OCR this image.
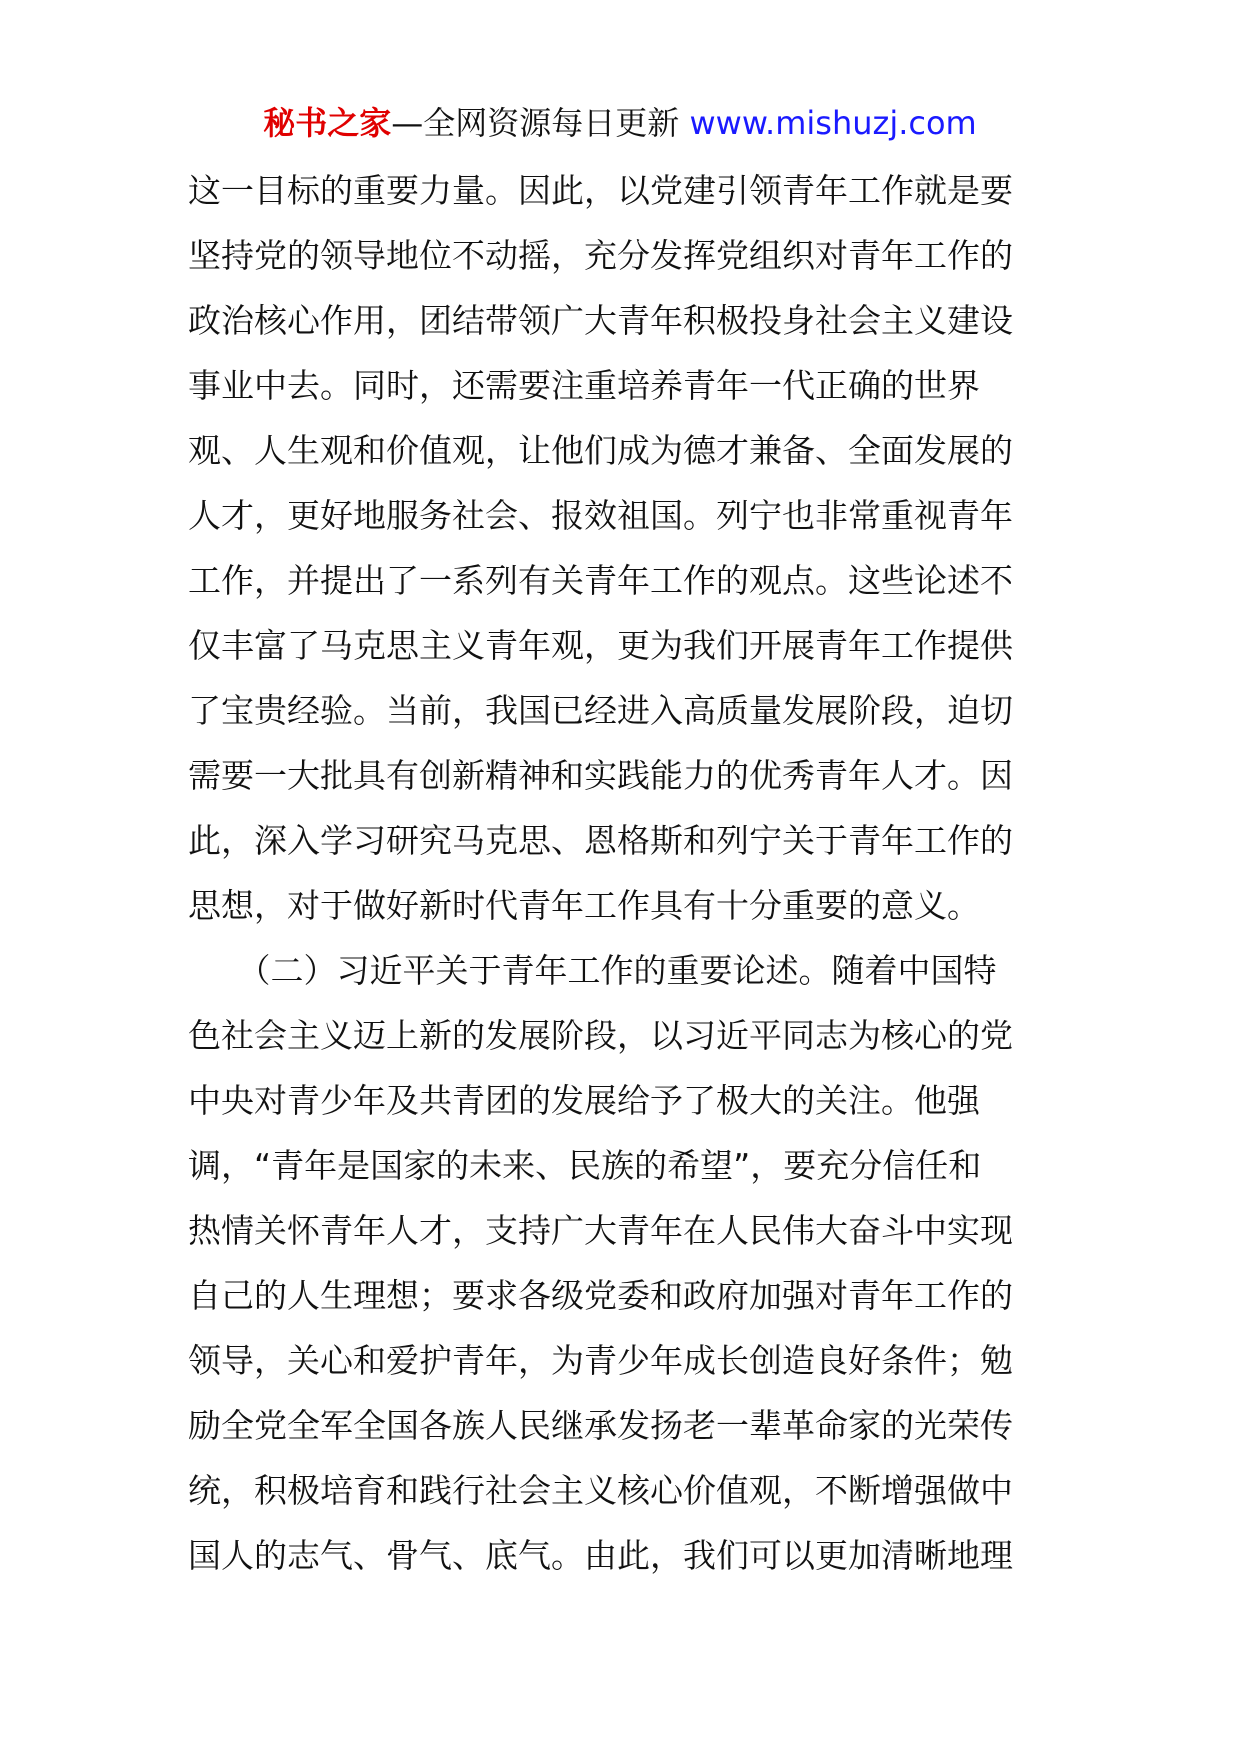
秘书之家—全网资源每日更新 www.mishuzj.com
这一目标的重要力量。因此，以党建引领青年工作就是要
坚持党的领导地位不动摇，充分发挥党组织对青年工作的
政治核心作用，团结带领广大青年积极投身社会主义建设
事业中去。同时，还需要注重培养青年一代正确的世界
观、人生观和价值观，让他们成为德才兼备、全面发展的
人才，更好地服务社会、报效祖国。列宁也非常重视青年
工作，并提出了一系列有关青年工作的观点。这些论述不
仅丰富了马克思主义青年观，更为我们开展青年工作提供
了宝贵经验。当前，我国已经进入高质量发展阶段，迫切
需要一大批具有创新精神和实践能力的优秀青年人才。因
此，深入学习研究马克思、恩格斯和列宁关于青年工作的
思想，对于做好新时代青年工作具有十分重要的意义。
　　（二）习近平关于青年工作的重要论述。随着中国特
色社会主义迈上新的发展阶段，以习近平同志为核心的党
中央对青少年及共青团的发展给予了极大的关注。他强
调，“青年是国家的未来、民族的希望”，要充分信任和
热情关怀青年人才，支持广大青年在人民伟大奋斗中实现
自己的人生理想；要求各级党委和政府加强对青年工作的
领导，关心和爱护青年，为青少年成长创造良好条件；勉
励全党全军全国各族人民继承发扬老一辈革命家的光荣传
统，积极培育和践行社会主义核心价值观，不断增强做中
国人的志气、骨气、底气。由此，我们可以更加清晰地理
